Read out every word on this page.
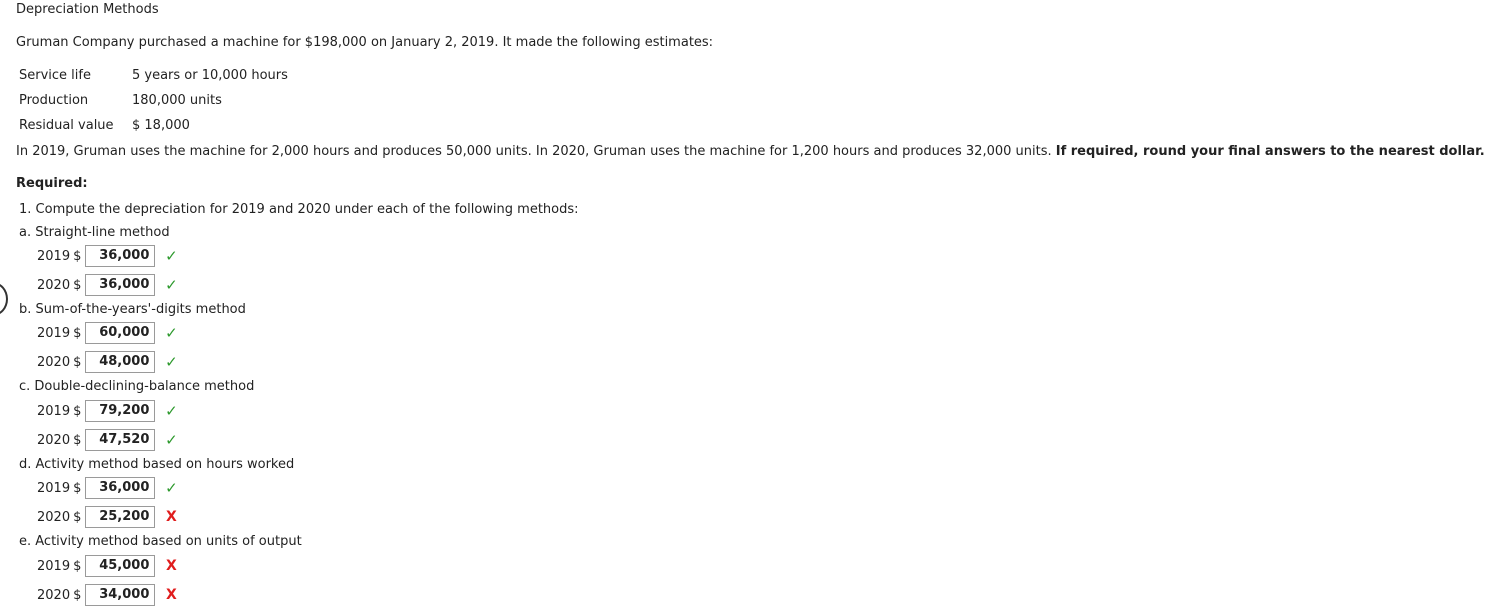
Depreciation Methods
Gruman Company purchased a machine for $198,000 on January 2, 2019. It made the following estimates:
Service life	5 years or 10,000 hours
Production	180,000 units
Residual value	$ 18,000
In 2019, Gruman uses the machine for 2,000 hours and produces 50,000 units. In 2020, Gruman uses the machine for 1,200 hours and produces 32,000 units. If required, round your final answers to the nearest dollar.
Required:
1. Compute the depreciation for 2019 and 2020 under each of the following methods:
a. Straight-line method
2019 $	36,000	✓
2020 $	36,000	✓
b. Sum-of-the-years'-digits method
2019 $	60,000	✓
2020 $	48,000	✓
c. Double-declining-balance method
2019 $	79,200	✓
2020 $	47,520	✓
d. Activity method based on hours worked
2019 $	36,000	✓
2020 $	25,200	X
e. Activity method based on units of output
2019 $	45,000	X
2020 $	34,000	X
